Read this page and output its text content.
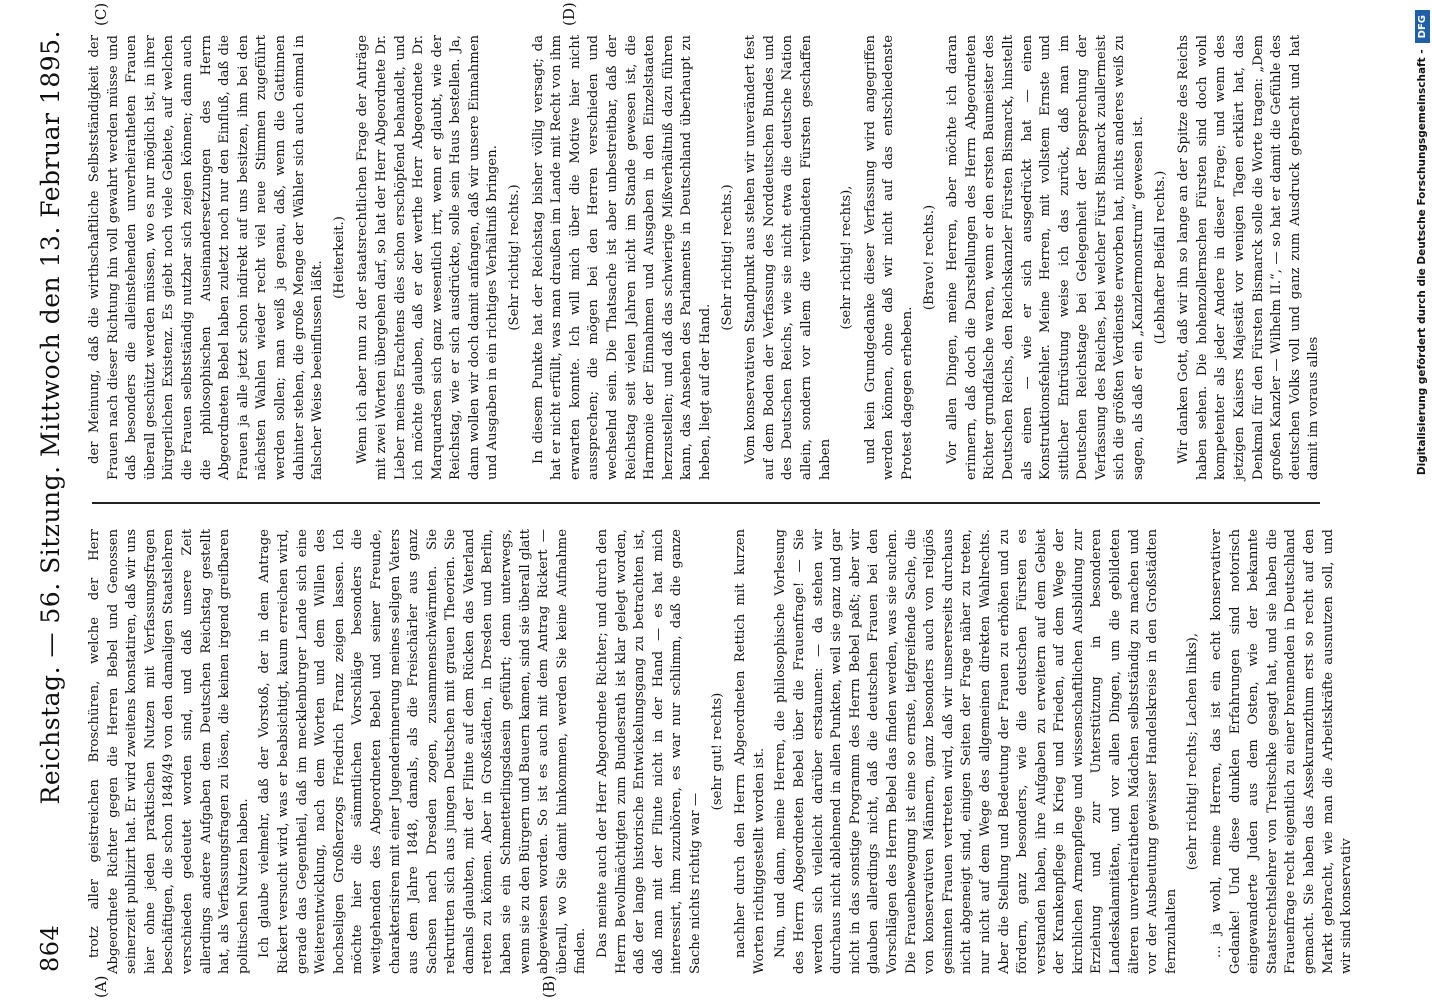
864
Reichstag. — 56. Sitzung. Mittwoch den 13. Februar 1895.
(A)	(B)
(C)	(D)

trotz aller geistreichen Broschüren, welche der Herr Abgeordnete Richter gegen die Herren Bebel und Genossen seinerzeit publizirt hat. Er wird zweitens konstatiren, daß wir uns hier ohne jeden praktischen Nutzen mit Verfassungsfragen beschäftigen, die schon 1848/49 von den damaligen Staatslehren verschieden gedeutet worden sind, und daß unsere Zeit allerdings andere Aufgaben dem Deutschen Reichstag gestellt hat, als Verfassungsfragen zu lösen, die keinen irgend greifbaren politischen Nutzen haben. Ich glaube vielmehr, daß der Vorstoß, der in dem Antrage Rickert versucht wird, was er beabsichtigt, kaum erreichen wird, gerade das Gegentheil, daß im mecklenburger Lande sich eine Weiterentwicklung, nach dem Worten und dem Willen des hochseligen Großherzogs Friedrich Franz zeigen lassen. Ich möchte hier die sämmtlichen Vorschläge besonders die weitgehenden des Abgeordneten Bebel und seiner Freunde, charakterisiren mit einer Jugenderinnerung meines seligen Vaters aus dem Jahre 1848, damals, als die Freischärler aus ganz Sachsen nach Dresden zogen, zusammenschwärmten. Sie rekrutirten sich aus jungen Deutschen mit grauen Theorien. Sie damals glaubten, mit der Flinte auf dem Rücken das Vaterland retten zu können. Aber in Großstädten, in Dresden und Berlin, haben sie ein Schmetterlingsdasein geführt; denn unterwegs, wenn sie zu den Bürgern und Bauern kamen, sind sie überall glatt abgewiesen worden. So ist es auch mit dem Antrag Rickert — überall, wo Sie damit hinkommen, werden Sie keine Aufnahme finden. Das meinte auch der Herr Abgeordnete Richter; und durch den Herrn Bevollmächtigten zum Bundesrath ist klar gelegt worden, daß der lange historische Entwickelungsgang zu betrachten ist, daß man mit der Flinte nicht in der Hand — es hat mich interessirt, ihm zuzuhören, es war nur schlimm, daß die ganze Sache nichts richtig war —

(sehr gut! rechts) nachher durch den Herrn Abgeordneten Rettich mit kurzen Worten richtiggestellt worden ist. Nun, und dann, meine Herren, die philosophische Vorlesung des Herrn Abgeordneten Bebel über die Frauenfrage! — Sie werden sich vielleicht darüber erstaunen: — da stehen wir durchaus nicht ablehnend in allen Punkten, weil sie ganz und gar nicht in das sonstige Programm des Herrn Bebel paßt; aber wir glauben allerdings nicht, daß die deutschen Frauen bei den Vorschlägen des Herrn Bebel das finden werden, was sie suchen. Die Frauenbewegung ist eine so ernste, tiefgreifende Sache, die von konservativen Männern, ganz besonders auch von religiös gesinnten Frauen vertreten wird, daß wir unsererseits durchaus nicht abgeneigt sind, einigen Seiten der Frage näher zu treten, nur nicht auf dem Wege des allgemeinen direkten Wahlrechts. Aber die Stellung und Bedeutung der Frauen zu erhöhen und zu fördern, ganz besonders, wie die deutschen Fürsten es verstanden haben, ihre Aufgaben zu erweitern auf dem Gebiet der Krankenpflege in Krieg und Frieden, auf dem Wege der kirchlichen Armenpflege und wissenschaftlichen Ausbildung zur Erziehung und zur Unterstützung in besonderen Landeskalamitäten, und vor allen Dingen, um die gebildeten älteren unverheiratheten Mädchen selbstständig zu machen und vor der Ausbeutung gewisser Handelskreise in den Großstädten fernzuhalten

(sehr richtig! rechts; Lachen links), ... ja wohl, meine Herren, das ist ein echt konservativer Gedanke! Und diese dunklen Erfahrungen sind notorisch eingewanderte Juden aus dem Osten, wie der bekannte Staatsrechtslehrer von Treitschke gesagt hat, und sie haben die Frauenfrage recht eigentlich zu einer brennenden in Deutschland gemacht. Sie haben das Assekuranzthum erst so recht auf den Markt gebracht, wie man die Arbeitskräfte ausnutzen soll, und wir sind konservativ

der Meinung, daß die wirthschaftliche Selbstständigkeit der Frauen nach dieser Richtung hin voll gewahrt werden müsse und daß besonders die alleinstehenden unverheiratheten Frauen überall geschützt werden müssen, wo es nur möglich ist, in ihrer bürgerlichen Existenz. Es giebt noch viele Gebiete, auf welchen die Frauen selbstständig nutzbar sich zeigen können; dann auch die philosophischen Auseinandersetzungen des Herrn Abgeordneten Bebel haben zuletzt noch nur den Einfluß, daß die Frauen ja alle jetzt schon indirekt auf uns besitzen, ihm bei den nächsten Wahlen wieder recht viel neue Stimmen zugeführt werden sollen; man weiß ja genau, daß, wenn die Gattinnen dahinter stehen, die große Menge der Wähler sich auch einmal in falscher Weise beeinflussen läßt.

(Heiterkeit.) Wenn ich aber nun zu der staatsrechtlichen Frage der Anträge mit zwei Worten übergehen darf, so hat der Herr Abgeordnete Dr. Lieber meines Erachtens dies schon erschöpfend behandelt, und ich möchte glauben, daß er der werthe Herr Abgeordnete Dr. Marquardsen sich ganz wesentlich irrt, wenn er glaubt, wie der Reichstag, wie er sich ausdrückte, solle sein Haus bestellen. Ja, dann wollen wir doch damit anfangen, daß wir unsere Einnahmen und Ausgaben in ein richtiges Verhältniß bringen. (Sehr richtig! rechts.) In diesem Punkte hat der Reichstag bisher völlig versagt; da hat er nicht erfüllt, was man draußen im Lande mit Recht von ihm erwarten konnte. Ich will mich über die Motive hier nicht aussprechen; die mögen bei den Herren verschieden und wechselnd sein. Die Thatsache ist aber unbestreitbar, daß der Reichstag seit vielen Jahren nicht im Stande gewesen ist, die Harmonie der Einnahmen und Ausgaben in den Einzelstaaten herzustellen; und daß das schwierige Mißverhältniß dazu führen kann, das Ansehen des Parlaments in Deutschland überhaupt zu heben, liegt auf der Hand.

(Sehr richtig! rechts.) Vom konservativen Standpunkt aus stehen wir unverändert fest auf dem Boden der Verfassung des Norddeutschen Bundes und des Deutschen Reichs, wie sie nicht etwa die deutsche Nation allein, sondern vor allem die verbündeten Fürsten geschaffen haben

(sehr richtig! rechts), und kein Grundgedanke dieser Verfassung wird angegriffen werden können, ohne daß wir nicht auf das entschiedenste Protest dagegen erheben.

(Bravo! rechts.) Vor allen Dingen, meine Herren, aber möchte ich daran erinnern, daß doch die Darstellungen des Herrn Abgeordneten Richter grundfalsche waren, wenn er den ersten Baumeister des Deutschen Reichs, den Reichskanzler Fürsten Bismarck, hinstellt als einen — wie er sich ausgedrückt hat — einen Konstruktionsfehler. Meine Herren, mit vollstem Ernste und sittlicher Entrüstung weise ich das zurück, daß man im Deutschen Reichstage bei Gelegenheit der Besprechung der Verfassung des Reiches, bei welcher Fürst Bismarck zuallermeist sich die größten Verdienste erworben hat, nichts anderes weiß zu sagen, als daß er ein „Kanzlermonstrum“ gewesen ist. (Lebhafter Beifall rechts.) Wir danken Gott, daß wir ihn so lange an der Spitze des Reichs haben sehen. Die hohenzollernschen Fürsten sind doch wohl kompetenter als jeder Andere in dieser Frage; und wenn des jetzigen Kaisers Majestät vor wenigen Tagen erklärt hat, das Denkmal für den Fürsten Bismarck solle die Worte tragen: „Dem großen Kanzler — Wilhelm II.“, — so hat er damit die Gefühle des deutschen Volks voll und ganz zum Ausdruck gebracht und hat damit im voraus alles	Digitalisierung gefördert durch die Deutsche Forschungsgemeinschaft -
DFG
